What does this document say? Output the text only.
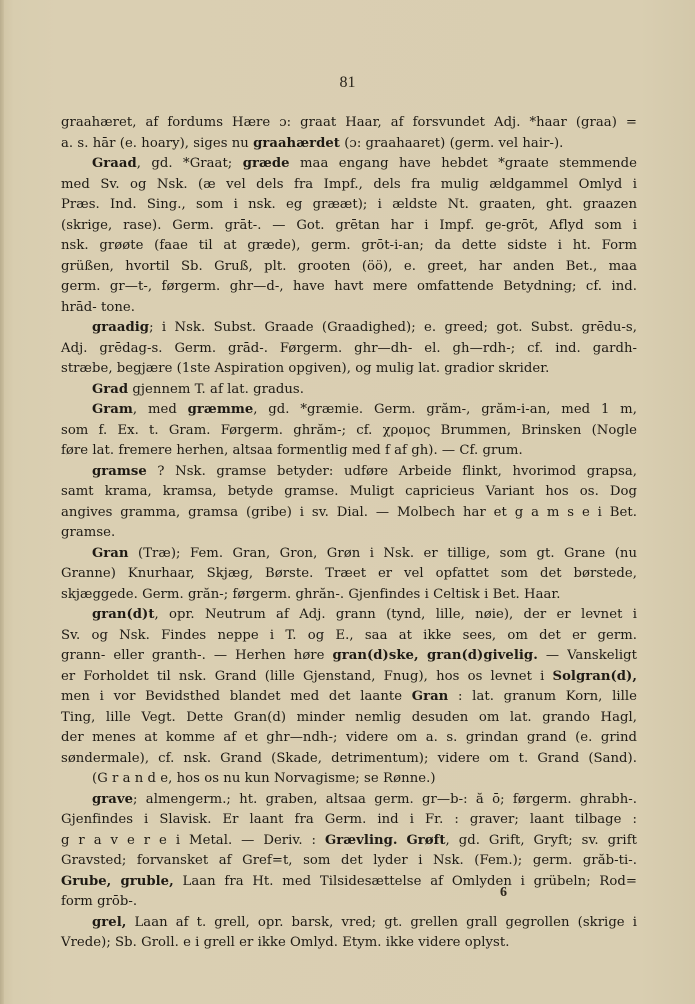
81
graahæret, af fordums Hære ɔ: graat Haar, af forsvundet Adj. *haar (graa) =
a. s. hār (e. hoary), siges nu graahærdet (ɔ: graahaaret) (germ. vel hair-).
Graad, gd. *Graat; græde maa engang have hebdet *graate stemmende
med Sv. og Nsk. (æ vel dels fra Impf., dels fra mulig ældgammel Omlyd i
Præs. Ind. Sing., som i nsk. eg grææt); i ældste Nt. graaten, ght. graazen
(skrige, rase). Germ. grāt-. — Got. grētan har i Impf. ge-grōt, Aflyd som i
nsk. grøøte (faae til at græde), germ. grōt-i-an; da dette sidste i ht. Form
grüßen, hvortil Sb. Gruß, plt. grooten (öö), e. greet, har anden Bet., maa
germ. gr—t-, førgerm. ghr—d-, have havt mere omfattende Betydning; cf. ind.
hrād- tone.
graadig; i Nsk. Subst. Graade (Graadighed); e. greed; got. Subst. grēdu-s,
Adj. grēdag-s. Germ. grād-. Førgerm. ghr—dh- el. gh—rdh-; cf. ind. gardh-
stræbe, begjære (1ste Aspiration opgiven), og mulig lat. gradior skrider.
Grad gjennem T. af lat. gradus.
Gram, med græmme, gd. *græmie. Germ. grăm-, grăm-i-an, med 1 m,
som f. Ex. t. Gram. Førgerm. ghrăm-; cf. χρομος Brummen, Brinsken (Nogle
føre lat. fremere herhen, altsaa formentlig med f af gh). — Cf. grum.
gramse ? Nsk. gramse betyder: udføre Arbeide flinkt, hvorimod grapsa,
samt krama, kramsa, betyde gramse. Muligt capricieus Variant hos os. Dog
angives gramma, gramsa (gribe) i sv. Dial. — Molbech har et g a m s e i Bet.
gramse.
Gran (Træ); Fem. Gran, Gron, Grøn i Nsk. er tillige, som gt. Grane (nu
Granne) Knurhaar, Skjæg, Børste. Træet er vel opfattet som det børstede,
skjæggede. Germ. grăn-; førgerm. ghrăn-. Gjenfindes i Celtisk i Bet. Haar.
gran(d)t, opr. Neutrum af Adj. grann (tynd, lille, nøie), der er levnet i
Sv. og Nsk. Findes neppe i T. og E., saa at ikke sees, om det er germ.
grann- eller granth-. — Herhen høre gran(d)ske, gran(d)givelig. — Vanskeligt
er Forholdet til nsk. Grand (lille Gjenstand, Fnug), hos os levnet i Solgran(d),
men i vor Bevidsthed blandet med det laante Gran : lat. granum Korn, lille
Ting, lille Vegt. Dette Gran(d) minder nemlig desuden om lat. grando Hagl,
der menes at komme af et ghr—ndh-; videre om a. s. grindan grand (e. grind
søndermale), cf. nsk. Grand (Skade, detrimentum); videre om t. Grand (Sand).
(G r a n d e, hos os nu kun Norvagisme; se Rønne.)
grave; almengerm.; ht. graben, altsaa germ. gr—b-: ă ō; førgerm. ghrabh-.
Gjenfindes i Slavisk. Er laant fra Germ. ind i Fr. : graver; laant tilbage :
g r a v e r e i Metal. — Deriv. : Grævling. Grøft, gd. Grift, Gryft; sv. grift
Gravsted; forvansket af Gref=t, som det lyder i Nsk. (Fem.); germ. grăb-ti-.
Grube, gruble, Laan fra Ht. med Tilsidesættelse af Omlyden i grübeln; Rod=
form grōb-.
grel, Laan af t. grell, opr. barsk, vred; gt. grellen grall gegrollen (skrige i
Vrede); Sb. Groll. e i grell er ikke Omlyd. Etym. ikke videre oplyst.
6
